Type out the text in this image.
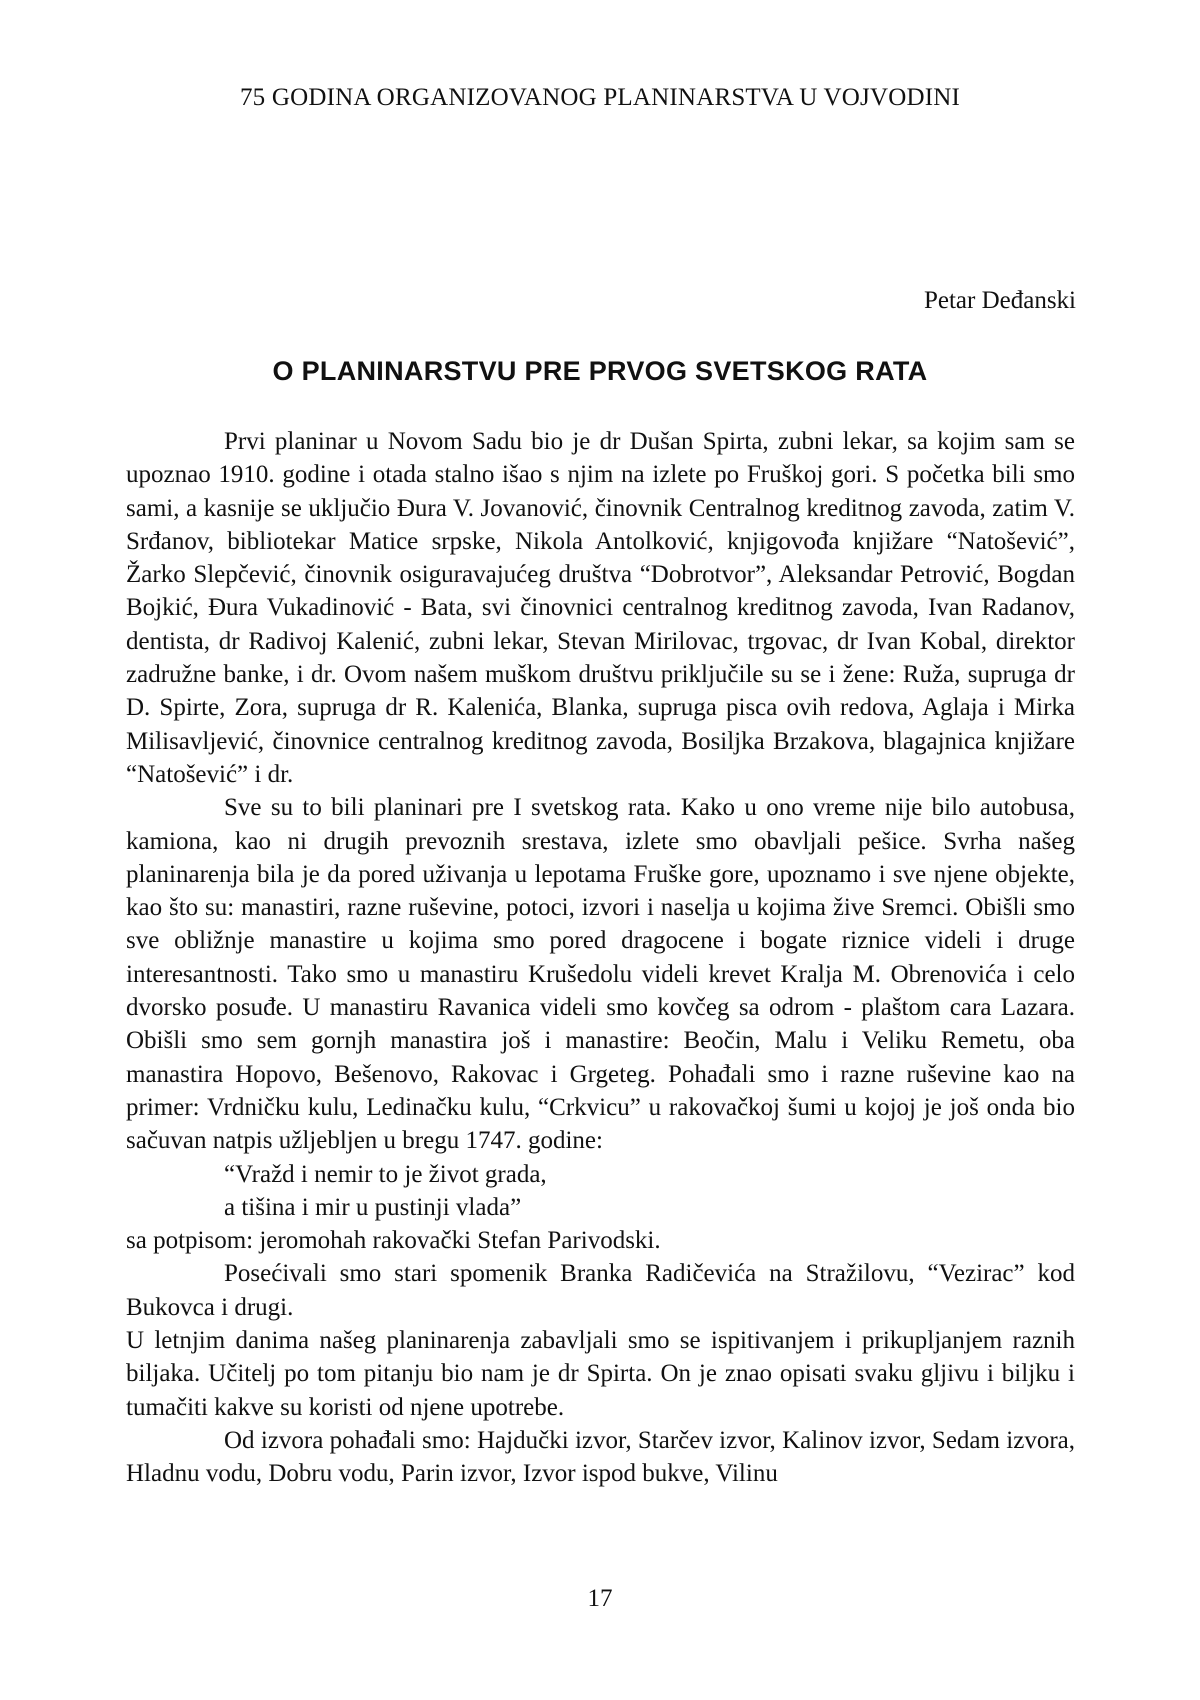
75 GODINA ORGANIZOVANOG PLANINARSTVA U VOJVODINI
Petar Deđanski
O PLANINARSTVU PRE PRVOG SVETSKOG RATA

Prvi planinar u Novom Sadu bio je dr Dušan Spirta, zubni lekar, sa kojim sam se upoznao 1910. godine i otada stalno išao s njim na izlete po Fruškoj gori. S početka bili smo sami, a kasnije se uključio Đura V. Jovanović, činovnik Centralnog kreditnog zavoda, zatim V. Srđanov, bibliotekar Matice srpske, Nikola Antolković, knjigovođa knjižare “Natošević”, Žarko Slepčević, činovnik osiguravajućeg društva “Dobrotvor”, Aleksandar Petrović, Bogdan Bojkić, Đura Vukadinović - Bata, svi činovnici centralnog kreditnog zavoda, Ivan Radanov, dentista, dr Radivoj Kalenić, zubni lekar, Stevan Mirilovac, trgovac, dr Ivan Kobal, direktor zadružne banke, i dr. Ovom našem muškom društvu priključile su se i žene: Ruža, supruga dr D. Spirte, Zora, supruga dr R. Kalenića, Blanka, supruga pisca ovih redova, Aglaja i Mirka Milisavljević, činovnice centralnog kreditnog zavoda, Bosiljka Brzakova, blagajnica knjižare “Natošević” i dr.

Sve su to bili planinari pre I svetskog rata. Kako u ono vreme nije bilo autobusa, kamiona, kao ni drugih prevoznih srestava, izlete smo obavljali pešice. Svrha našeg planinarenja bila je da pored uživanja u lepotama Fruške gore, upoznamo i sve njene objekte, kao što su: manastiri, razne ruševine, potoci, izvori i naselja u kojima žive Sremci. Obišli smo sve obližnje manastire u kojima smo pored dragocene i bogate riznice videli i druge interesantnosti. Tako smo u manastiru Krušedolu videli krevet Kralja M. Obrenovića i celo dvorsko posuđe. U manastiru Ravanica videli smo kovčeg sa odrom - plaštom cara Lazara. Obišli smo sem gornjh manastira još i manastire: Beočin, Malu i Veliku Remetu, oba manastira Hopovo, Bešenovo, Rakovac i Grgeteg. Pohađali smo i razne ruševine kao na primer: Vrdničku kulu, Ledinačku kulu, “Crkvicu” u rakovačkoj šumi u kojoj je još onda bio sačuvan natpis užljebljen u bregu 1747. godine:

“Vražd i nemir to je život grada,

a tišina i mir u pustinji vlada”

sa potpisom: jeromohah rakovački Stefan Parivodski.

Posećivali smo stari spomenik Branka Radičevića na Stražilovu, “Vezirac” kod Bukovca i drugi.

U letnjim danima našeg planinarenja zabavljali smo se ispitivanjem i prikupljanjem raznih biljaka. Učitelj po tom pitanju bio nam je dr Spirta. On je znao opisati svaku gljivu i biljku i tumačiti kakve su koristi od njene upotrebe.

Od izvora pohađali smo: Hajdučki izvor, Starčev izvor, Kalinov izvor, Sedam izvora, Hladnu vodu, Dobru vodu, Parin izvor, Izvor ispod bukve, Vilinu

17
